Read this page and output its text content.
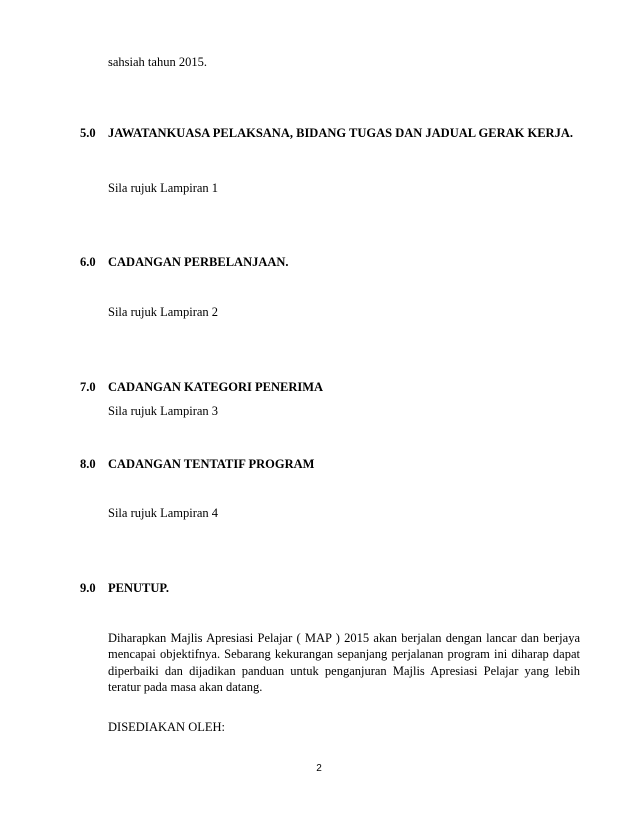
sahsiah tahun 2015.
5.0 JAWATANKUASA PELAKSANA, BIDANG TUGAS DAN JADUAL GERAK KERJA.
Sila rujuk Lampiran 1
6.0 CADANGAN PERBELANJAAN.
Sila rujuk Lampiran 2
7.0 CADANGAN KATEGORI PENERIMA
Sila rujuk Lampiran 3
8.0 CADANGAN TENTATIF PROGRAM
Sila rujuk Lampiran 4
9.0 PENUTUP.
Diharapkan Majlis Apresiasi Pelajar ( MAP ) 2015 akan berjalan dengan lancar dan berjaya mencapai objektifnya. Sebarang kekurangan sepanjang perjalanan program ini diharap dapat diperbaiki dan dijadikan panduan untuk penganjuran Majlis Apresiasi Pelajar yang lebih teratur pada masa akan datang.
DISEDIAKAN OLEH:
2
